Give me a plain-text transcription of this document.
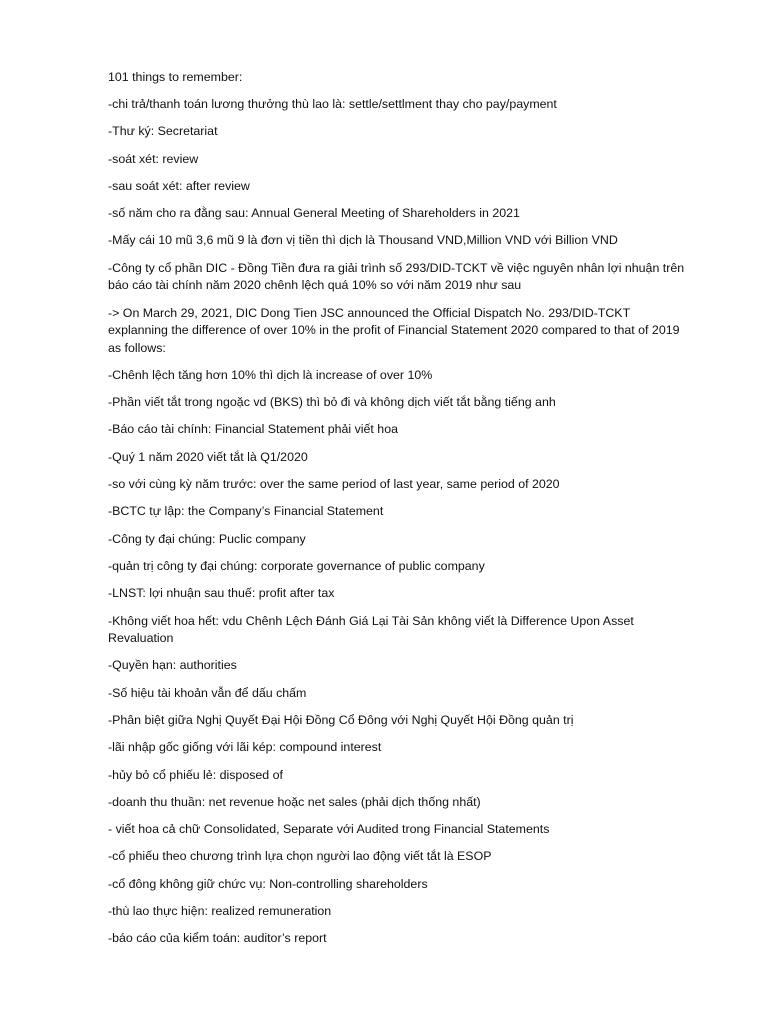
101 things to remember:
-chi trả/thanh toán lương thưởng thù lao là: settle/settlment thay cho pay/payment
-Thư ký: Secretariat
-soát xét: review
-sau soát xét: after review
-số năm cho ra đằng sau: Annual General Meeting of Shareholders in 2021
-Mấy cái 10 mũ 3,6 mũ 9 là đơn vị tiền thì dịch là Thousand VND,Million VND với Billion VND
-Công ty cổ phần DIC - Đồng Tiền đưa ra giải trình số 293/DID-TCKT về việc nguyên nhân lợi nhuận trên báo cáo tài chính năm 2020 chênh lệch quá 10% so với năm 2019 như sau
-> On March 29, 2021, DIC Dong Tien JSC announced the Official Dispatch No. 293/DID-TCKT explanning the difference of over 10% in the profit of Financial Statement 2020 compared to that of 2019 as follows:
-Chênh lệch tăng hơn 10% thì dịch là increase of over 10%
-Phần viết tắt trong ngoặc vd (BKS) thì bỏ đi và không dịch viết tắt bằng tiếng anh
-Báo cáo tài chính: Financial Statement phải viết hoa
-Quý 1 năm 2020 viết tắt là Q1/2020
-so với cùng kỳ năm trước: over the same period of last year, same period of 2020
-BCTC tự lập: the Company’s Financial Statement
-Công ty đại chúng: Puclic company
-quản trị công ty đại chúng: corporate governance of public company
-LNST: lợi nhuận sau thuế: profit after tax
-Không viết hoa hết: vdu Chênh Lệch Đánh Giá Lại Tài Sản không viết là Difference Upon Asset Revaluation
-Quyền hạn: authorities
-Số hiệu tài khoản vẫn để dấu chấm
-Phân biệt giữa Nghị Quyết Đại Hội Đồng Cổ Đông với Nghị Quyết Hội Đồng quản trị
-lãi nhập gốc giống với lãi kép: compound interest
-hủy bỏ cổ phiếu lẻ: disposed of
-doanh thu thuần: net revenue hoặc net sales (phải dịch thống nhất)
- viết hoa cả chữ Consolidated, Separate với Audited trong Financial Statements
-cổ phiếu theo chương trình lựa chọn người lao động viết tắt là ESOP
-cổ đông không giữ chức vụ: Non-controlling shareholders
-thù lao thực hiện: realized remuneration
-báo cáo của kiểm toán: auditor’s report
